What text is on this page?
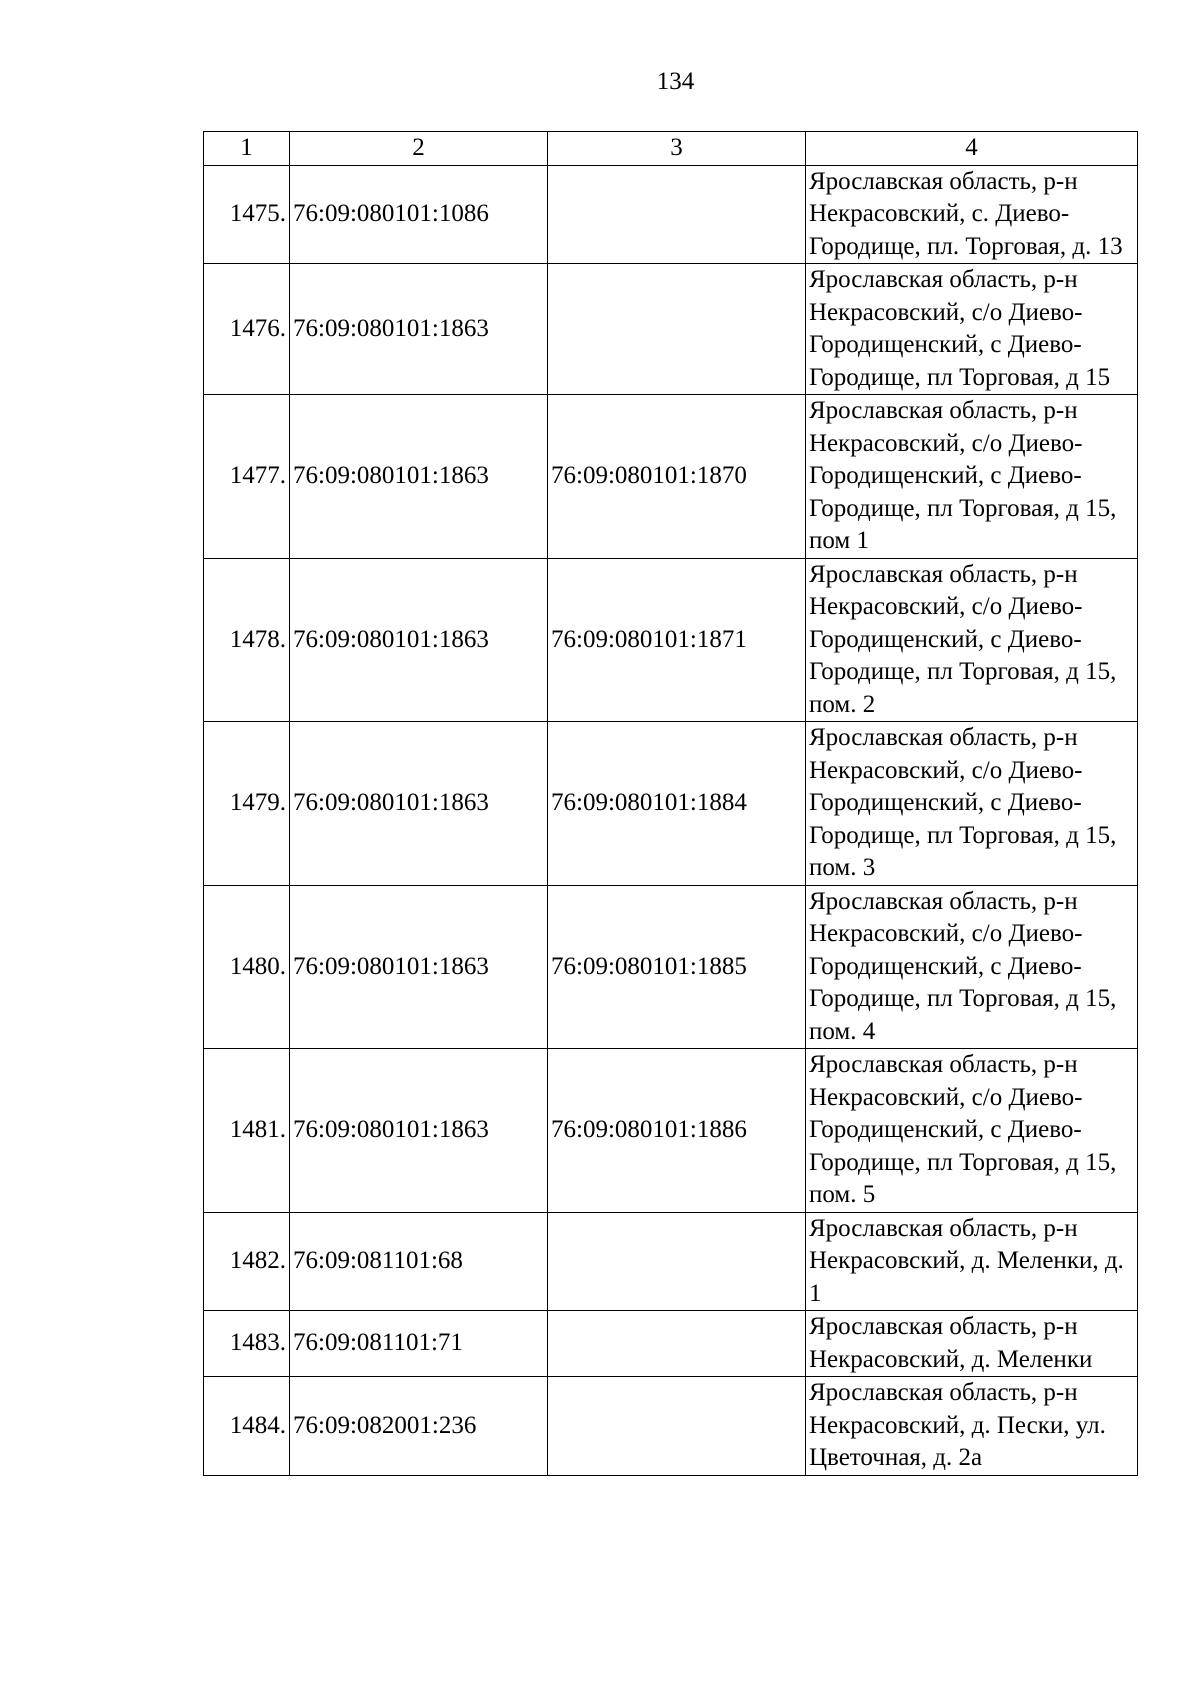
134
1	2	3	4
1475.	76:09:080101:1086		Ярославская область, р-н Некрасовский, с. Диево-Городище, пл. Торговая, д. 13
1476.	76:09:080101:1863		Ярославская область, р-н Некрасовский, с/о Диево-Городищенский, с Диево-Городище, пл Торговая, д 15
1477.	76:09:080101:1863	76:09:080101:1870	Ярославская область, р-н Некрасовский, с/о Диево-Городищенский, с Диево-Городище, пл Торговая, д 15, пом 1
1478.	76:09:080101:1863	76:09:080101:1871	Ярославская область, р-н Некрасовский, с/о Диево-Городищенский, с Диево-Городище, пл Торговая, д 15, пом. 2
1479.	76:09:080101:1863	76:09:080101:1884	Ярославская область, р-н Некрасовский, с/о Диево-Городищенский, с Диево-Городище, пл Торговая, д 15, пом. 3
1480.	76:09:080101:1863	76:09:080101:1885	Ярославская область, р-н Некрасовский, с/о Диево-Городищенский, с Диево-Городище, пл Торговая, д 15, пом. 4
1481.	76:09:080101:1863	76:09:080101:1886	Ярославская область, р-н Некрасовский, с/о Диево-Городищенский, с Диево-Городище, пл Торговая, д 15, пом. 5
1482.	76:09:081101:68		Ярославская область, р-н Некрасовский, д. Меленки, д. 1
1483.	76:09:081101:71		Ярославская область, р-н Некрасовский, д. Меленки
1484.	76:09:082001:236		Ярославская область, р-н Некрасовский, д. Пески, ул. Цветочная, д. 2а
